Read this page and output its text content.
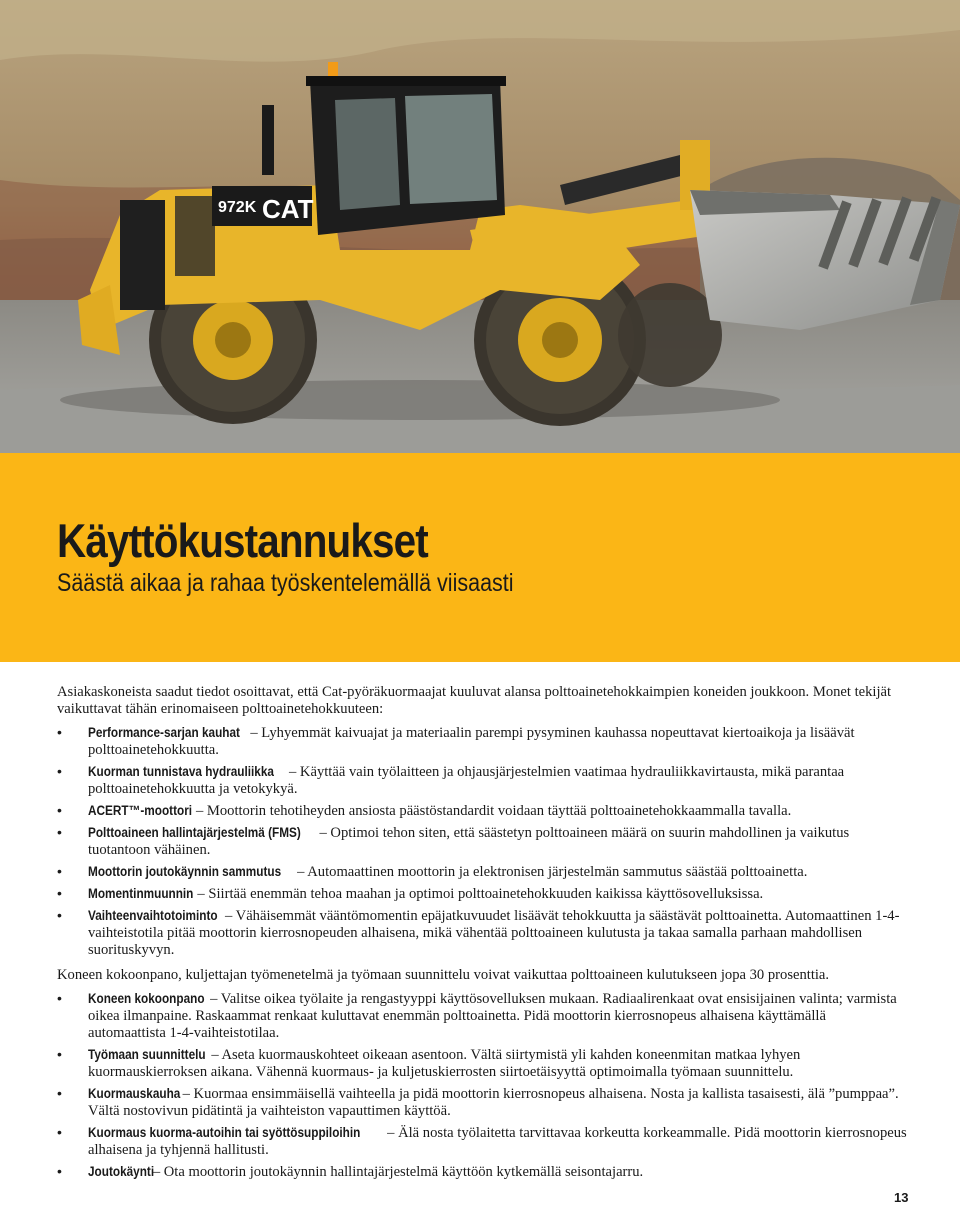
972K CAT
Käyttökustannukset
Säästä aikaa ja rahaa työskentelemällä viisaasti

Asiakaskoneista saadut tiedot osoittavat, että Cat-pyöräkuormaajat kuuluvat alansa polttoainetehokkaimpien koneiden joukkoon. Monet tekijät vaikuttavat tähän erinomaiseen polttoainetehokkuuteen:

• Performance-sarjan kauhat – Lyhyemmät kaivuajat ja materiaalin parempi pysyminen kauhassa nopeuttavat kiertoaikoja ja lisäävät polttoainetehokkuutta.
• Kuorman tunnistava hydrauliikka – Käyttää vain työlaitteen ja ohjausjärjestelmien vaatimaa hydrauliikkavirtausta, mikä parantaa polttoainetehokkuutta ja vetokykyä.
• ACERT™-moottori – Moottorin tehotiheyden ansiosta päästöstandardit voidaan täyttää polttoainetehokkaammalla tavalla.
• Polttoaineen hallintajärjestelmä (FMS) – Optimoi tehon siten, että säästetyn polttoaineen määrä on suurin mahdollinen ja vaikutus tuotantoon vähäinen.
• Moottorin joutokäynnin sammutus – Automaattinen moottorin ja elektronisen järjestelmän sammutus säästää polttoainetta.
• Momentinmuunnin – Siirtää enemmän tehoa maahan ja optimoi polttoainetehokkuuden kaikissa käyttösovelluksissa.
• Vaihteenvaihtotoiminto – Vähäisemmät vääntömomentin epäjatkuvuudet lisäävät tehokkuutta ja säästävät polttoainetta. Automaattinen 1-4-vaihteistotila pitää moottorin kierrosnopeuden alhaisena, mikä vähentää polttoaineen kulutusta ja takaa samalla parhaan mahdollisen suorituskyvyn.

Koneen kokoonpano, kuljettajan työmenetelmä ja työmaan suunnittelu voivat vaikuttaa polttoaineen kulutukseen jopa 30 prosenttia.

• Koneen kokoonpano – Valitse oikea työlaite ja rengastyyppi käyttösovelluksen mukaan. Radiaalirenkaat ovat ensisijainen valinta; varmista oikea ilmanpaine. Raskaammat renkaat kuluttavat enemmän polttoainetta. Pidä moottorin kierrosnopeus alhaisena käyttämällä automaattista 1-4-vaihteistotilaa.
• Työmaan suunnittelu – Aseta kuormauskohteet oikeaan asentoon. Vältä siirtymistä yli kahden koneenmitan matkaa lyhyen kuormauskierroksen aikana. Vähennä kuormaus- ja kuljetuskierrosten siirtoetäisyyttä optimoimalla työmaan suunnittelu.
• Kuormauskauha – Kuormaa ensimmäisellä vaihteella ja pidä moottorin kierrosnopeus alhaisena. Nosta ja kallista tasaisesti, älä ”pumppaa”. Vältä nostovivun pidätintä ja vaihteiston vapauttimen käyttöä.
• Kuormaus kuorma-autoihin tai syöttösuppiloihin – Älä nosta työlaitetta tarvittavaa korkeutta korkeammalle. Pidä moottorin kierrosnopeus alhaisena ja tyhjennä hallitusti.
• Joutokäynti – Ota moottorin joutokäynnin hallintajärjestelmä käyttöön kytkemällä seisontajarru.
13
